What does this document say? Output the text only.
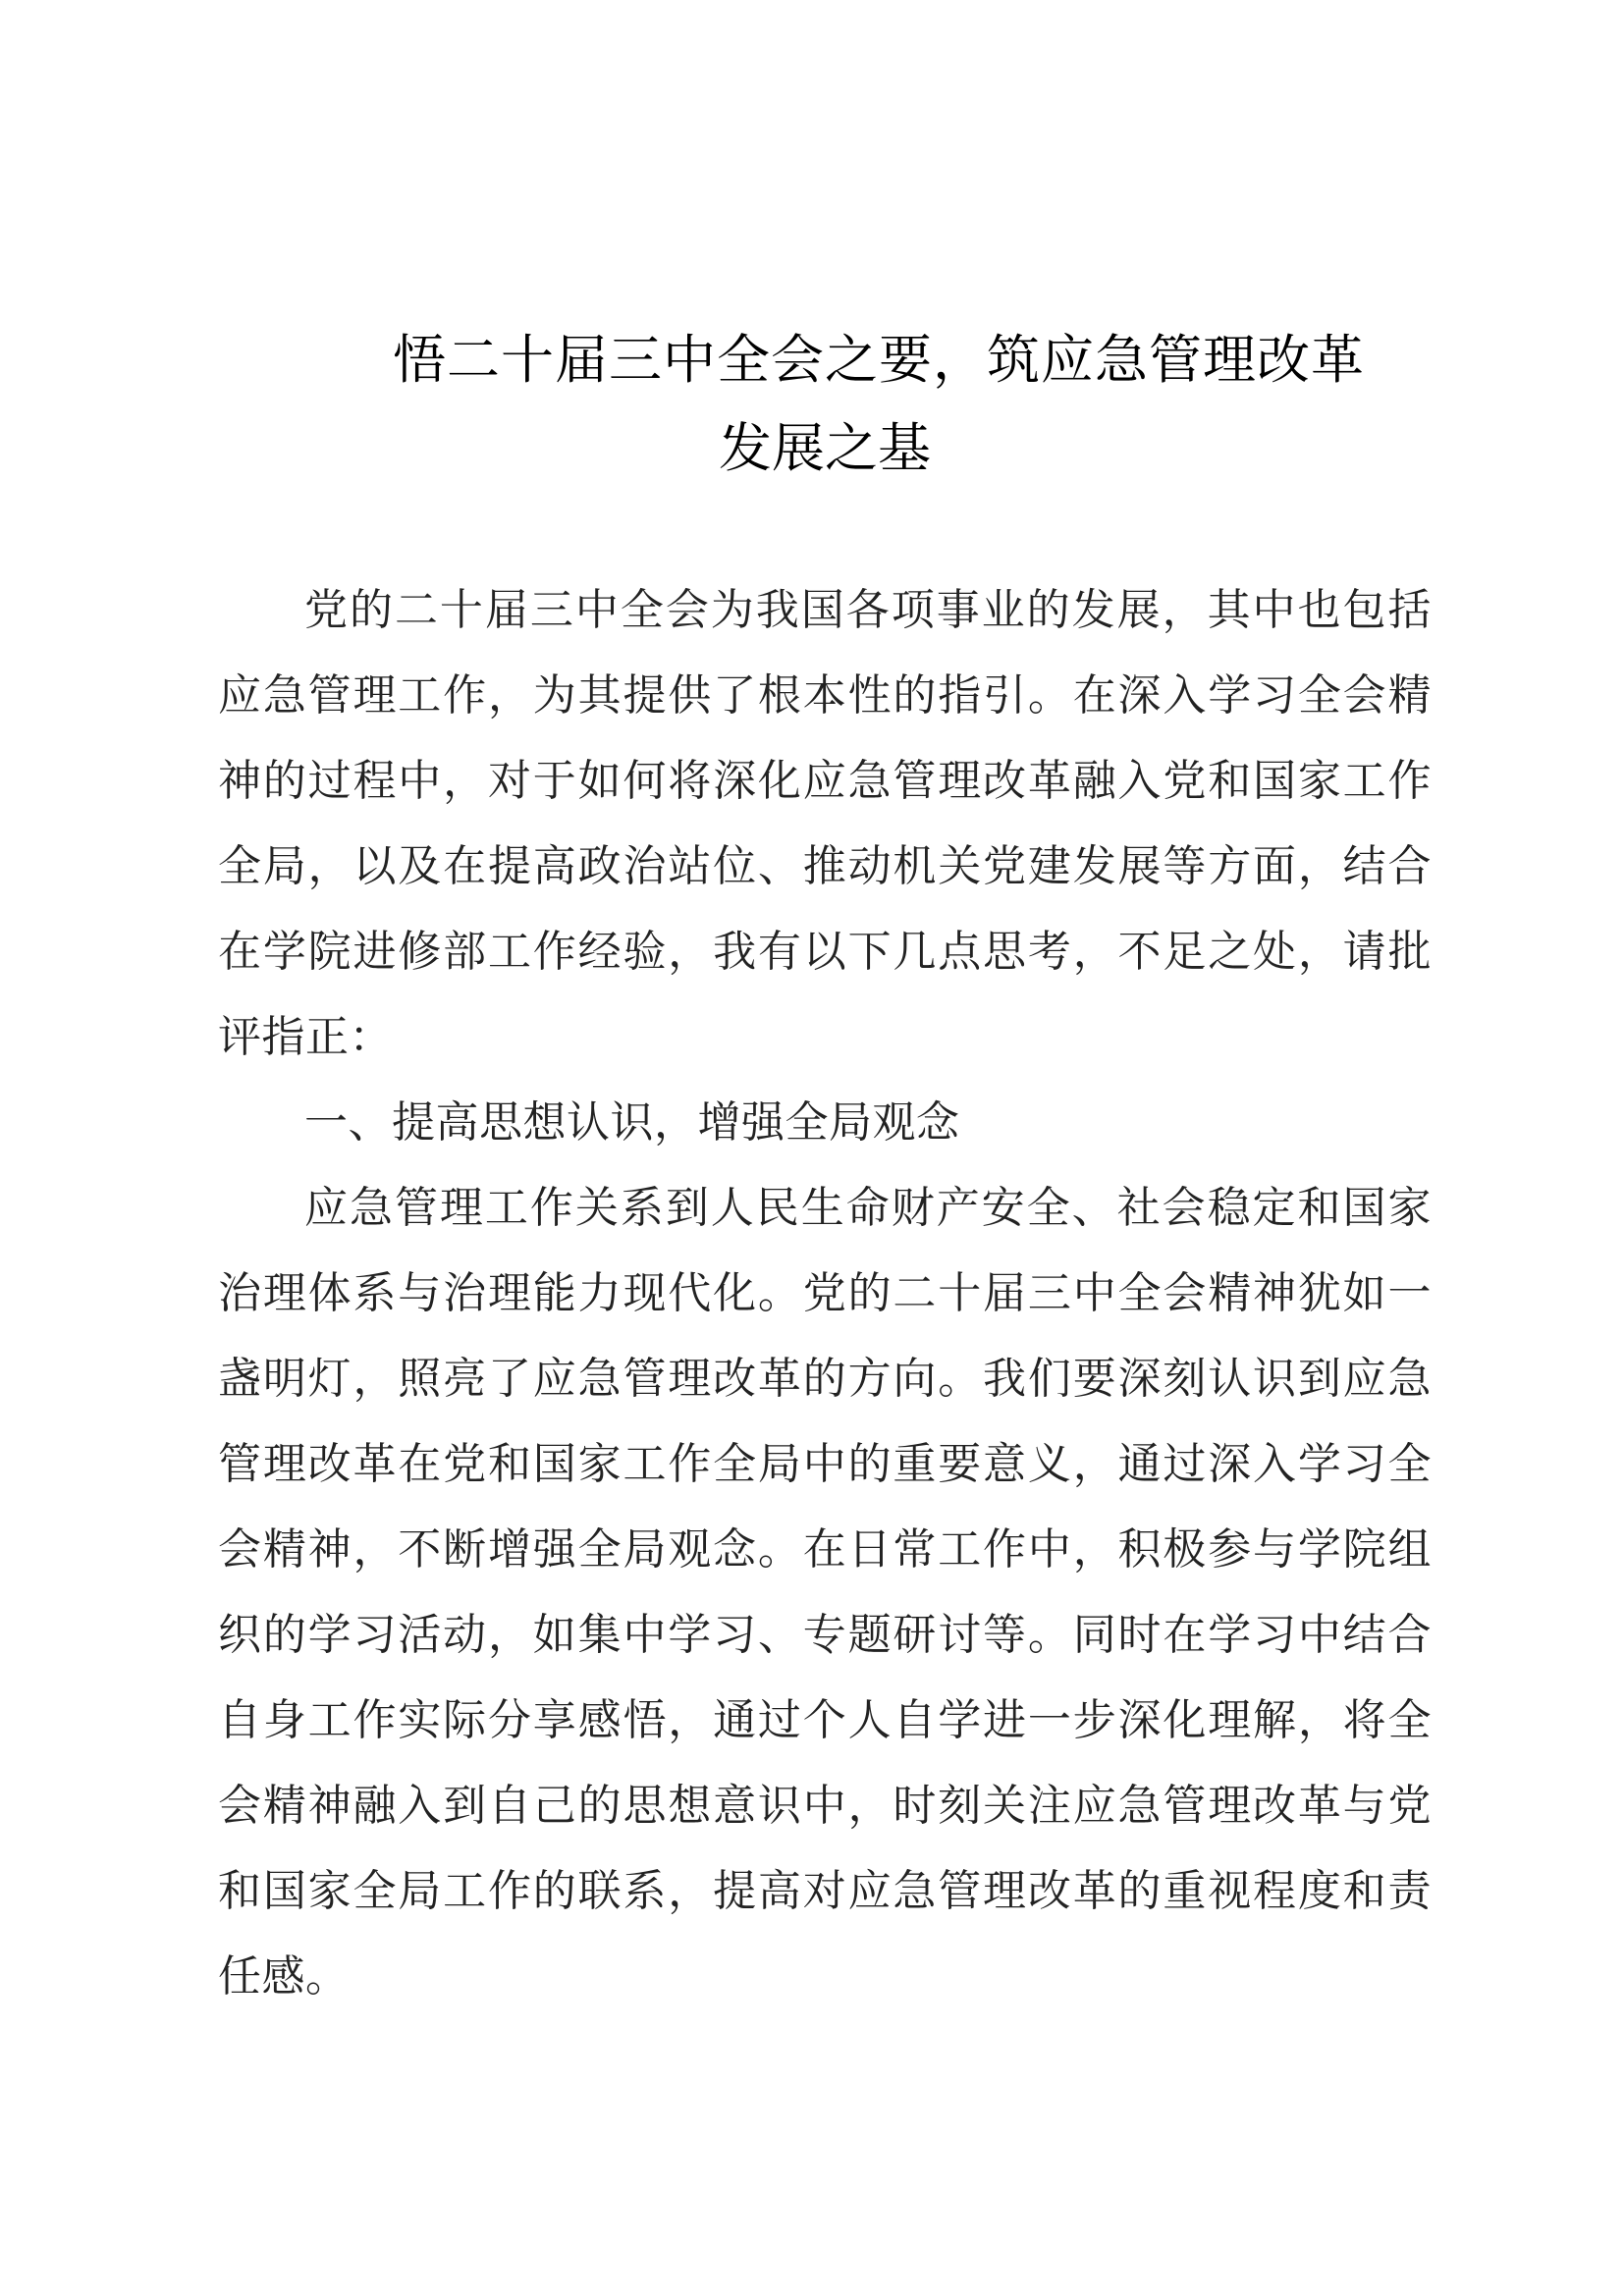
悟二十届三中全会之要，筑应急管理改革
发展之基

党的二十届三中全会为我国各项事业的发展，其中也包括应急管理工作，为其提供了根本性的指引。在深入学习全会精神的过程中，对于如何将深化应急管理改革融入党和国家工作全局，以及在提高政治站位、推动机关党建发展等方面，结合在学院进修部工作经验，我有以下几点思考，不足之处，请批评指正：

一、提高思想认识，增强全局观念

应急管理工作关系到人民生命财产安全、社会稳定和国家治理体系与治理能力现代化。党的二十届三中全会精神犹如一盏明灯，照亮了应急管理改革的方向。我们要深刻认识到应急管理改革在党和国家工作全局中的重要意义，通过深入学习全会精神，不断增强全局观念。在日常工作中，积极参与学院组织的学习活动，如集中学习、专题研讨等。同时在学习中结合自身工作实际分享感悟，通过个人自学进一步深化理解，将全会精神融入到自己的思想意识中，时刻关注应急管理改革与党和国家全局工作的联系，提高对应急管理改革的重视程度和责任感。
